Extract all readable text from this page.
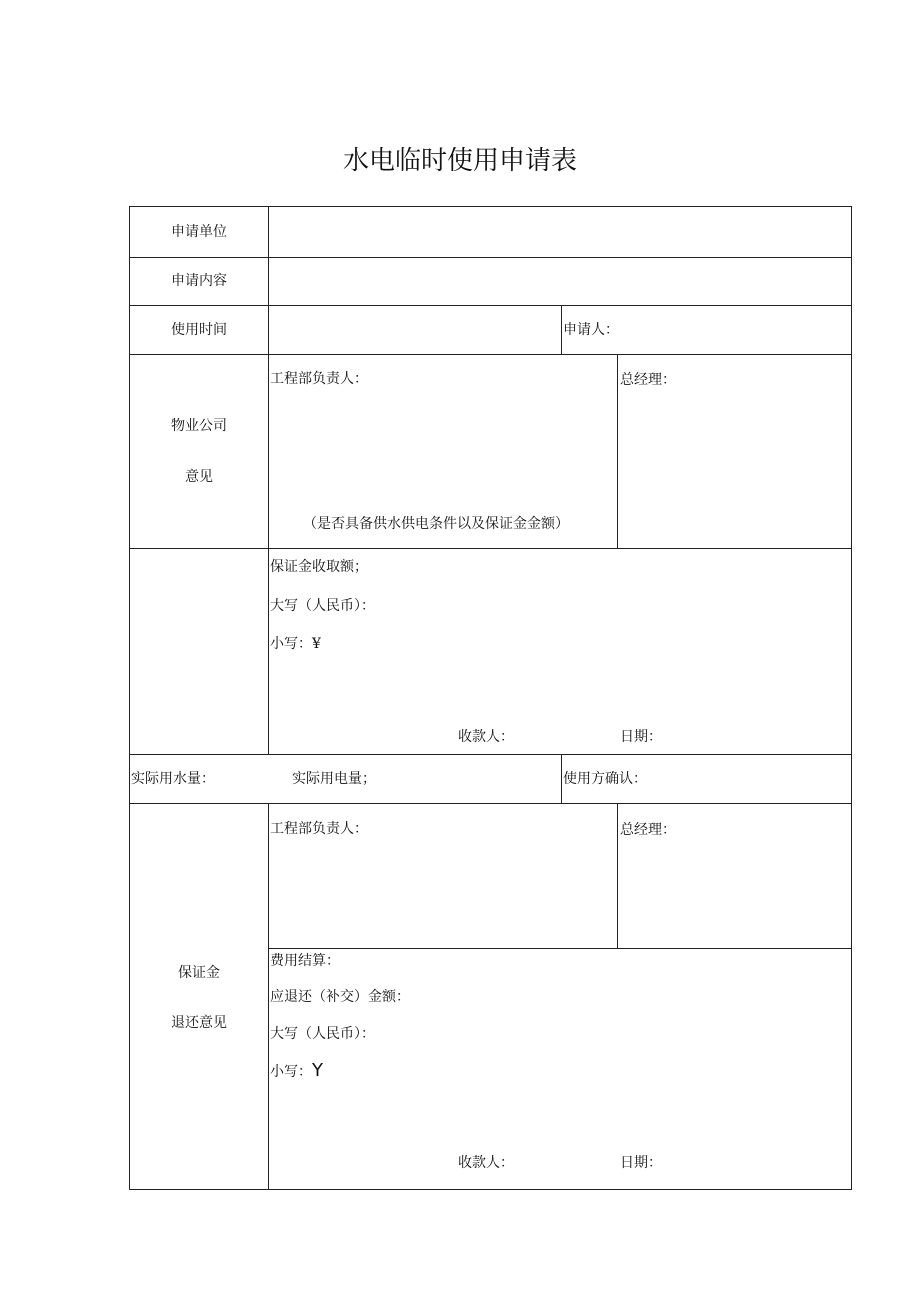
水电临时使用申请表
申请单位
申请内容
使用时间	申请人：
物业公司
意见
工程部负责人：	总经理：
（是否具备供水供电条件以及保证金金额）
保证金收取额；
大写（人民币）：
小写：¥
收款人：	日期：
实际用水量：	实际用电量；	使用方确认：
保证金
退还意见
工程部负责人：	总经理：
费用结算：
应退还（补交）金额：
大写（人民币）：
小写：Y
收款人：	日期：
